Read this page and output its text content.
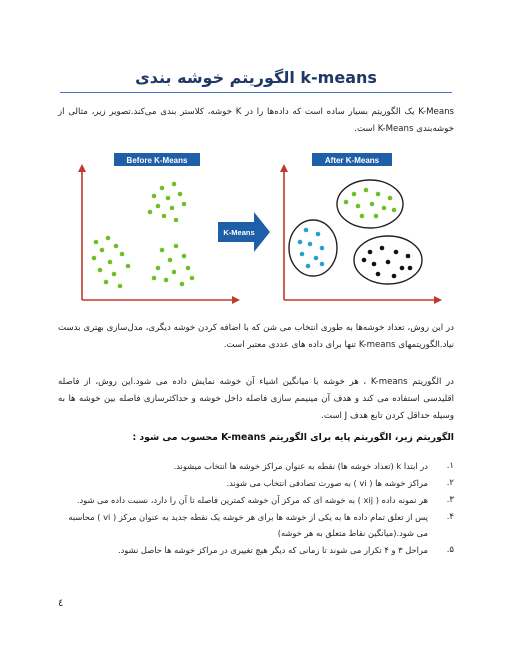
الگوریتم خوشه بندی k-means
K-Means یک الگوریتم بسیار ساده است که داده‌ها را در K خوشه، کلاستر بندی می‌کند.تصویر زیر، مثالی از خوشه‌بندی K-Means است.
Before K-Means	After K-Means
K-Means
در این روش، تعداد خوشه‌ها به طوری انتخاب می شن که با اضافه کردن خوشه دیگری، مدل‌سازی بهتری بدست نیاد.الگوریتمهای K-means تنها برای داده های عددی معتبر است.
در الگوریتم K-means ، هر خوشه با میانگین اشیاء آن خوشه نمایش داده می شود.این روش، از فاصله اقلیدسی استفاده می کند و هدف آن مینیمم سازی فاصله داخل خوشه و حداکثرسازی فاصله بین خوشه ها به وسیله حداقل کردن تابع هدف J است.
الگوریتم زیر، الگوریتم پایه برای الگوریتم K-means محسوب می شود :
۱.
در ابتدا k (تعداد خوشه ها) نقطه به عنوان مراکز خوشه ها انتخاب میشوند.
۲.
مراکز خوشه ها ( vi ) به صورت تصادفی انتخاب می شوند.
۳.
هر نمونه داده ( xij ) به خوشه ای که مرکز آن خوشه کمترین فاصله تا آن را دارد، نسبت داده می شود.
۴.
پس از تعلق تمام داده ها به یکی از خوشه ها برای هر خوشه یک نقطه جدید به عنوان مرکز ( vi ) محاسبه می شود.(میانگین نقاط متعلق به هر خوشه)
۵.
مراحل ۳ و ۴ تکرار می شوند تا زمانی که دیگر هیچ تغییری در مراکز خوشه ها حاصل نشود.
٤
